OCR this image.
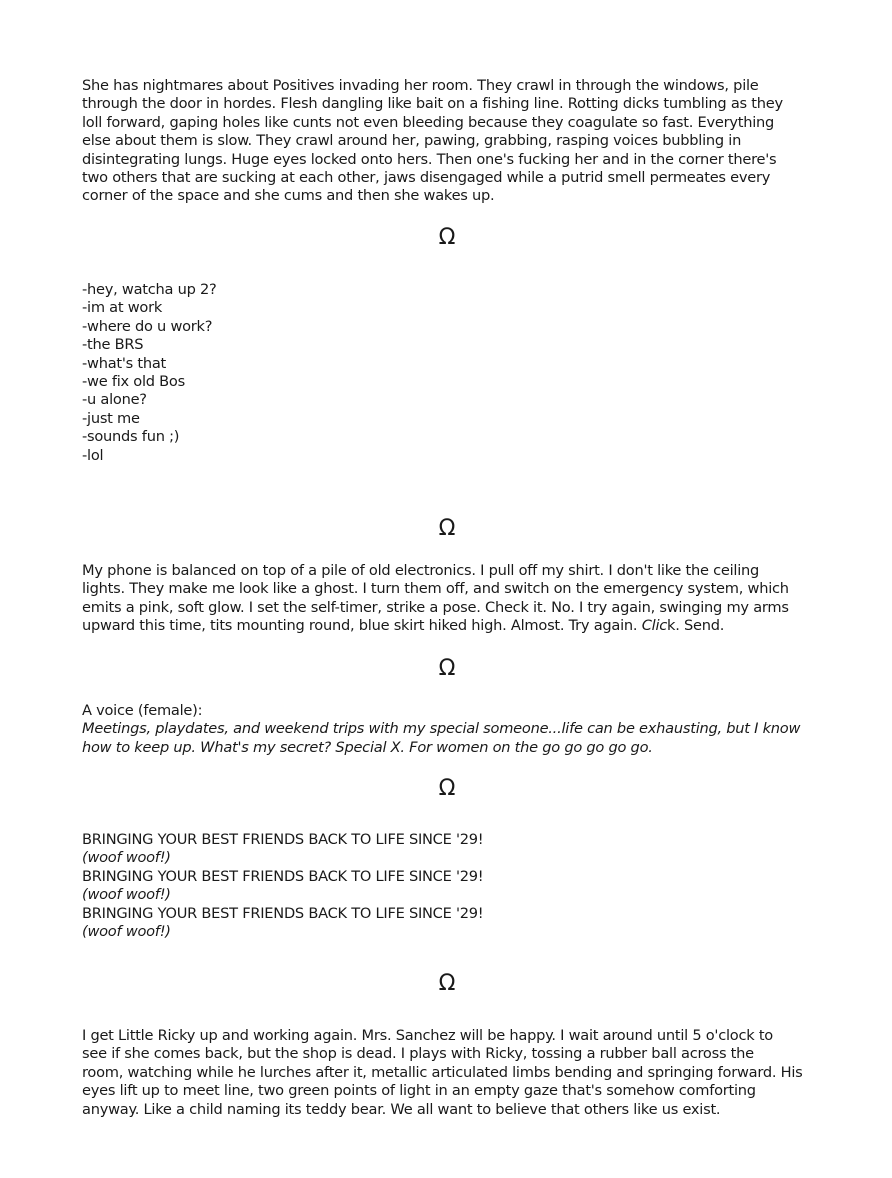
She has nightmares about Positives invading her room. They crawl in through the windows, pile
through the door in hordes. Flesh dangling like bait on a fishing line. Rotting dicks tumbling as they
loll forward, gaping holes like cunts not even bleeding because they coagulate so fast. Everything
else about them is slow. They crawl around her, pawing, grabbing, rasping voices bubbling in
disintegrating lungs. Huge eyes locked onto hers. Then one's fucking her and in the corner there's
two others that are sucking at each other, jaws disengaged while a putrid smell permeates every
corner of the space and she cums and then she wakes up.
Ω
-hey, watcha up 2?
-im at work
-where do u work?
-the BRS
-what's that
-we fix old Bos
-u alone?
-just me
-sounds fun ;)
-lol
Ω
My phone is balanced on top of a pile of old electronics. I pull off my shirt. I don't like the ceiling
lights. They make me look like a ghost. I turn them off, and switch on the emergency system, which
emits a pink, soft glow. I set the self-timer, strike a pose. Check it. No. I try again, swinging my arms
upward this time, tits mounting round, blue skirt hiked high. Almost. Try again. Click. Send.
Ω
A voice (female):
Meetings, playdates, and weekend trips with my special someone...life can be exhausting, but I know
how to keep up. What's my secret? Special X. For women on the go go go go go.
Ω
BRINGING YOUR BEST FRIENDS BACK TO LIFE SINCE '29!
(woof woof!)
BRINGING YOUR BEST FRIENDS BACK TO LIFE SINCE '29!
(woof woof!)
BRINGING YOUR BEST FRIENDS BACK TO LIFE SINCE '29!
(woof woof!)
Ω
I get Little Ricky up and working again. Mrs. Sanchez will be happy. I wait around until 5 o'clock to
see if she comes back, but the shop is dead. I plays with Ricky, tossing a rubber ball across the
room, watching while he lurches after it, metallic articulated limbs bending and springing forward. His
eyes lift up to meet line, two green points of light in an empty gaze that's somehow comforting
anyway. Like a child naming its teddy bear. We all want to believe that others like us exist.
